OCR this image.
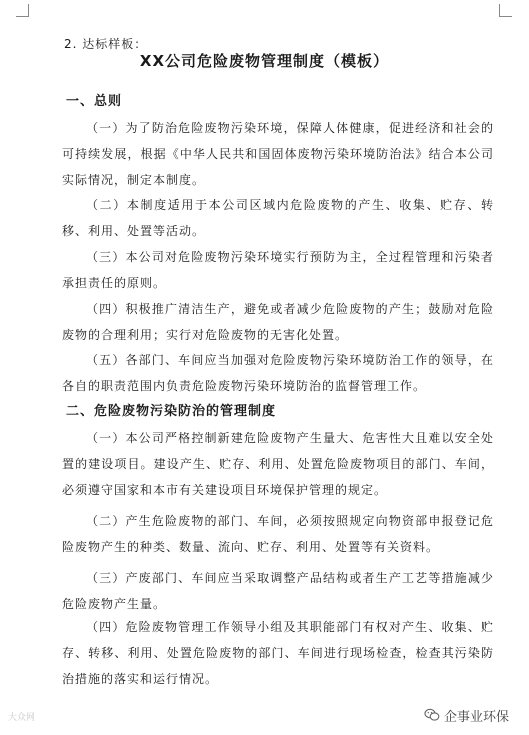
2. 达标样板：
XX公司危险废物管理制度（模板）
一、总则

（一）为了防治危险废物污染环境，保障人体健康，促进经济和社会的可持续发展，根据《中华人民共和国固体废物污染环境防治法》结合本公司实际情况，制定本制度。

（二）本制度适用于本公司区域内危险废物的产生、收集、贮存、转移、利用、处置等活动。

（三）本公司对危险废物污染环境实行预防为主，全过程管理和污染者承担责任的原则。

（四）积极推广清洁生产，避免或者减少危险废物的产生；鼓励对危险废物的合理利用；实行对危险废物的无害化处置。

（五）各部门、车间应当加强对危险废物污染环境防治工作的领导，在各自的职责范围内负责危险废物污染环境防治的监督管理工作。

二、危险废物污染防治的管理制度

（一）本公司严格控制新建危险废物产生量大、危害性大且难以安全处置的建设项目。建设产生、贮存、利用、处置危险废物项目的部门、车间，必须遵守国家和本市有关建设项目环境保护管理的规定。

（二）产生危险废物的部门、车间，必须按照规定向物资部申报登记危险废物产生的种类、数量、流向、贮存、利用、处置等有关资料。

（三）产废部门、车间应当采取调整产品结构或者生产工艺等措施减少危险废物产生量。

（四）危险废物管理工作领导小组及其职能部门有权对产生、收集、贮存、转移、利用、处置危险废物的部门、车间进行现场检查，检查其污染防治措施的落实和运行情况。

大众网	企事业环保
